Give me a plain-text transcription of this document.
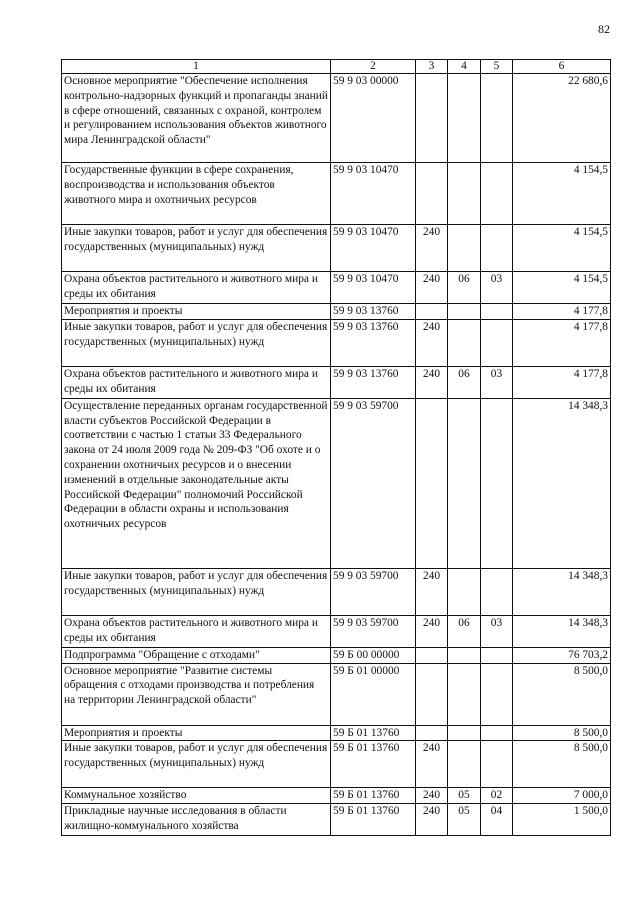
82
1	2	3	4	5	6
Основное мероприятие "Обеспечение исполнения контрольно-надзорных функций и пропаганды знаний в сфере отношений, связанных с охраной, контролем и регулированием использования объектов животного мира Ленинградской области"	59 9 03 00000				22 680,6
Государственные функции в сфере сохранения, воспроизводства и использования объектов животного мира и охотничьих ресурсов	59 9 03 10470				4 154,5
Иные закупки товаров, работ и услуг для обеспечения государственных (муниципальных) нужд	59 9 03 10470	240			4 154,5
Охрана объектов растительного и животного мира и среды их обитания	59 9 03 10470	240	06	03	4 154,5
Мероприятия и проекты	59 9 03 13760				4 177,8
Иные закупки товаров, работ и услуг для обеспечения государственных (муниципальных) нужд	59 9 03 13760	240			4 177,8
Охрана объектов растительного и животного мира и среды их обитания	59 9 03 13760	240	06	03	4 177,8
Осуществление переданных органам государственной власти субъектов Российской Федерации в соответствии с частью 1 статьи 33 Федерального закона от 24 июля 2009 года № 209-ФЗ "Об охоте и о сохранении охотничьих ресурсов и о внесении изменений в отдельные законодательные акты Российской Федерации" полномочий Российской Федерации в области охраны и использования охотничьих ресурсов	59 9 03 59700				14 348,3
Иные закупки товаров, работ и услуг для обеспечения государственных (муниципальных) нужд	59 9 03 59700	240			14 348,3
Охрана объектов растительного и животного мира и среды их обитания	59 9 03 59700	240	06	03	14 348,3
Подпрограмма "Обращение с отходами"	59 Б 00 00000				76 703,2
Основное мероприятие "Развитие системы обращения с отходами производства и потребления на территории Ленинградской области"	59 Б 01 00000				8 500,0
Мероприятия и проекты	59 Б 01 13760				8 500,0
Иные закупки товаров, работ и услуг для обеспечения государственных (муниципальных) нужд	59 Б 01 13760	240			8 500,0
Коммунальное хозяйство	59 Б 01 13760	240	05	02	7 000,0
Прикладные научные исследования в области жилищно-коммунального хозяйства	59 Б 01 13760	240	05	04	1 500,0
